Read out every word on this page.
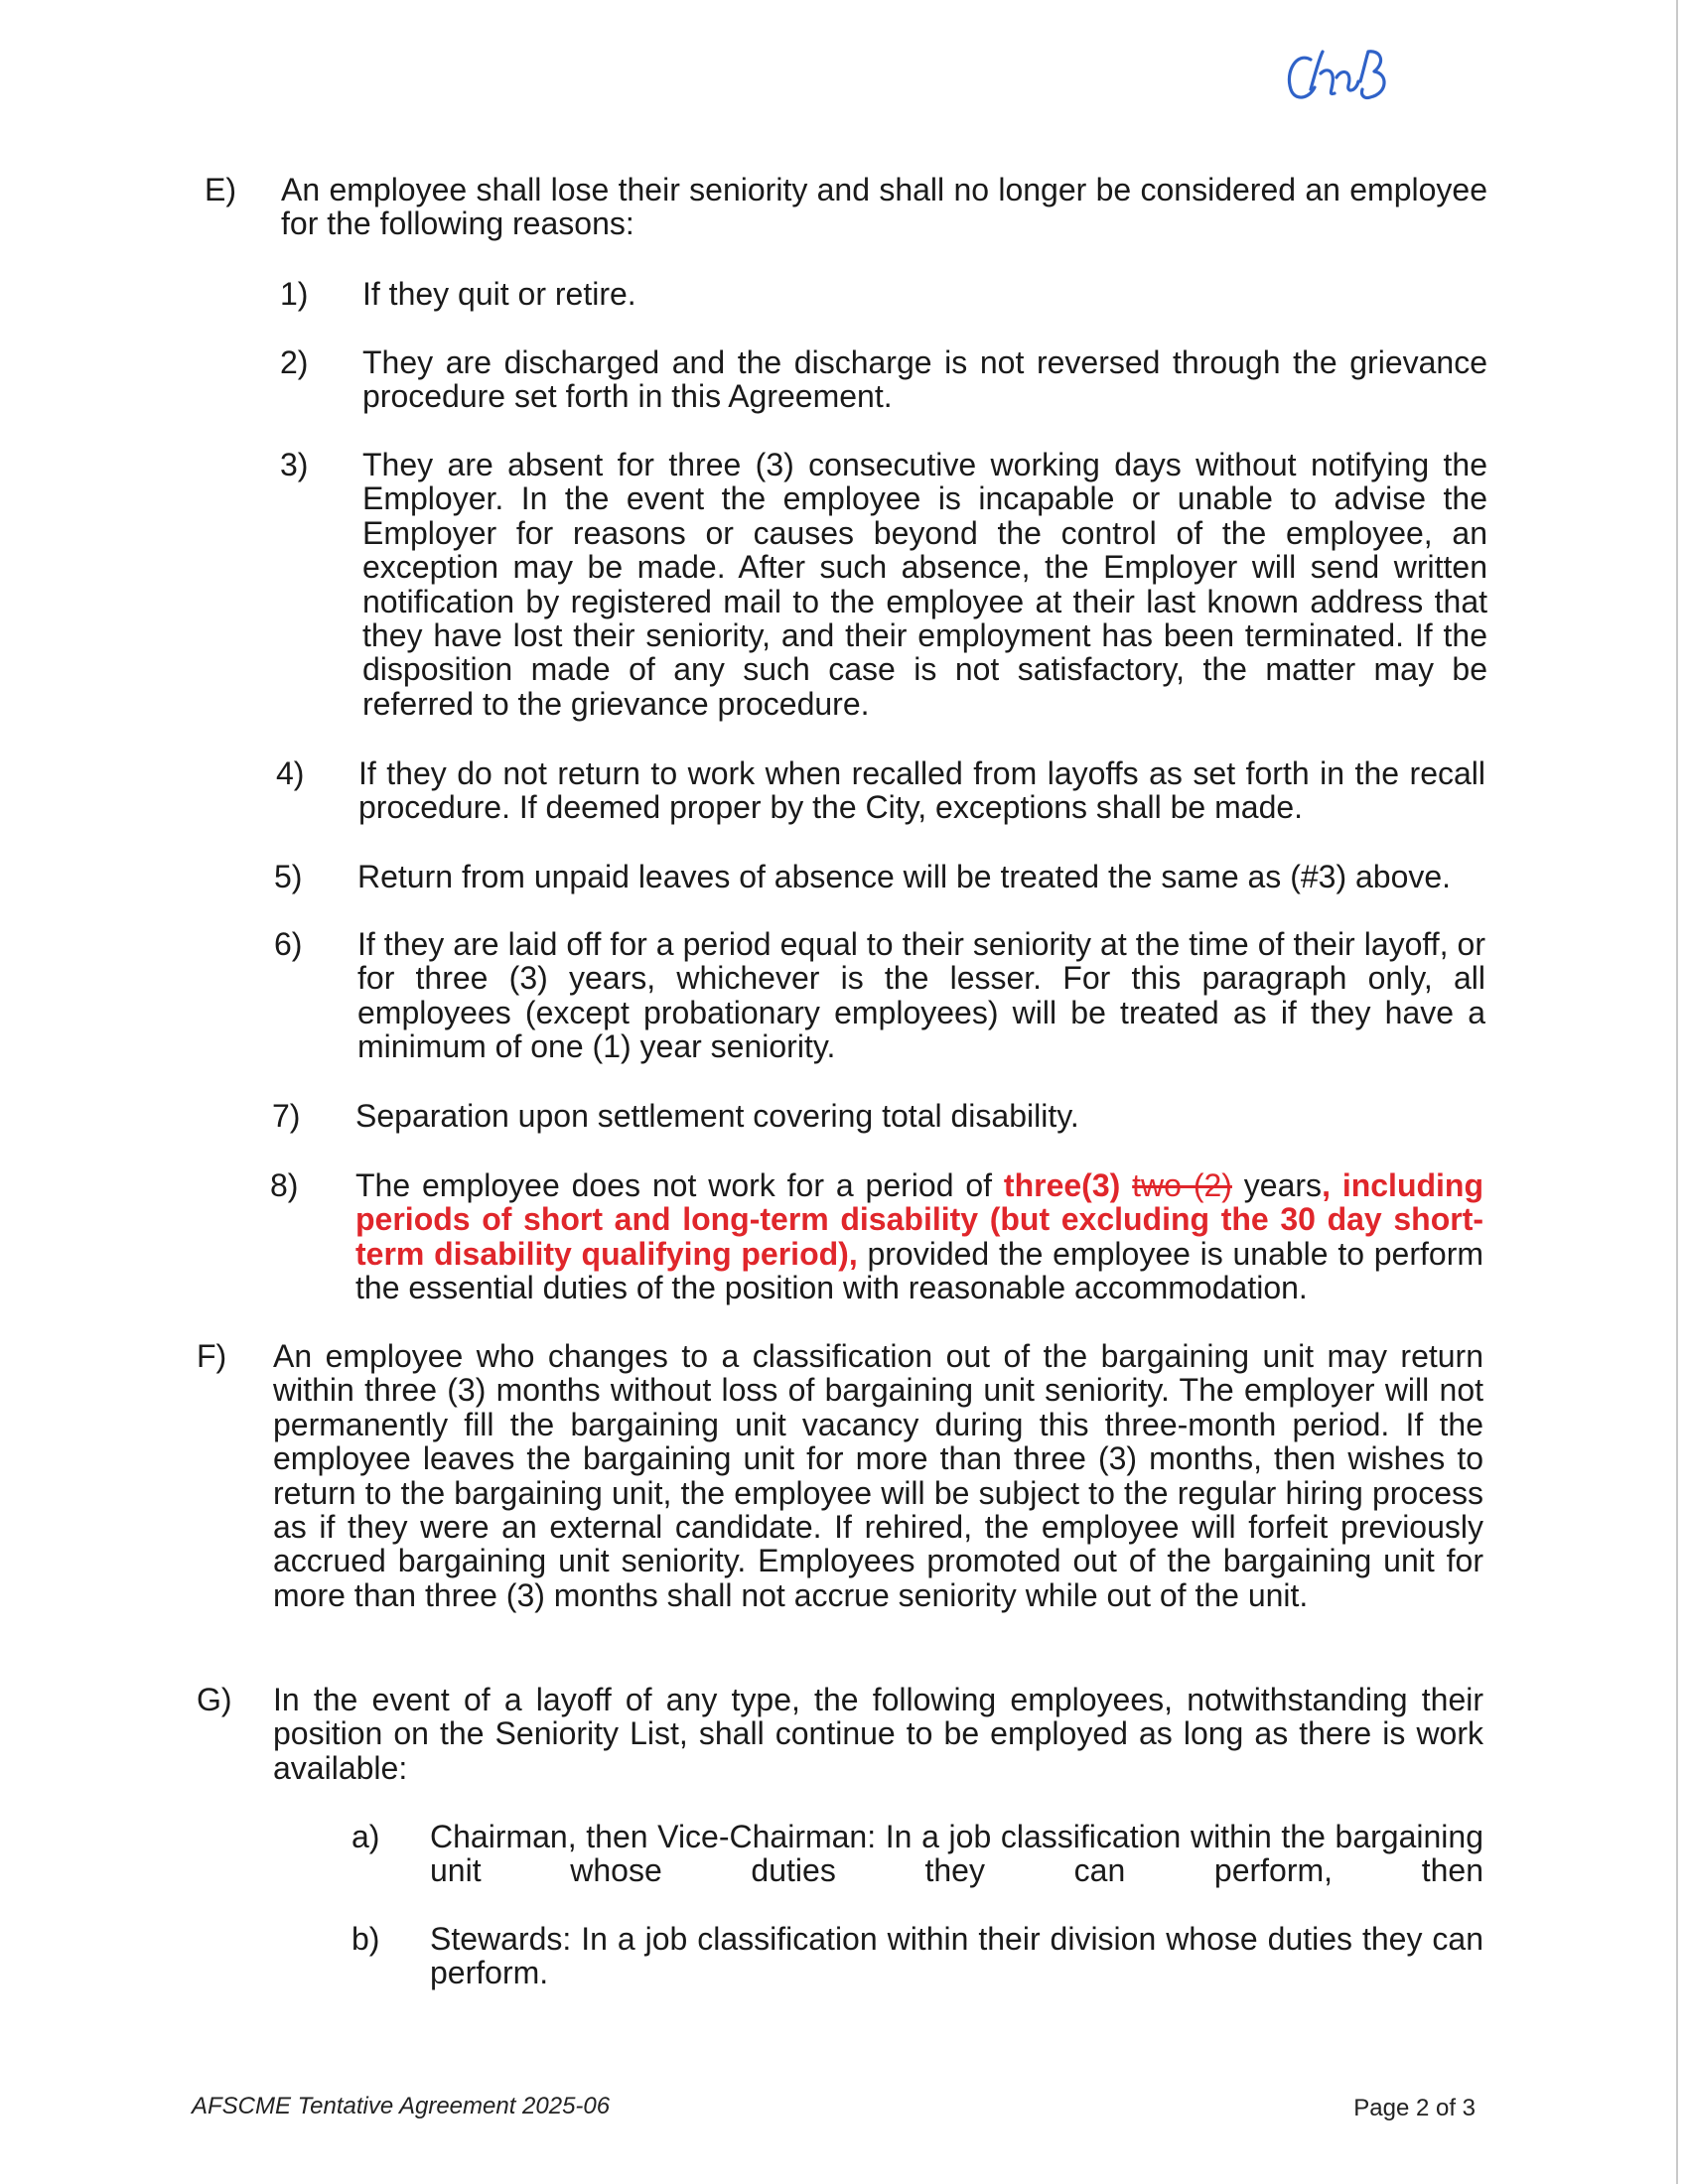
E)	An employee shall lose their seniority and shall no longer be considered an employee for the following reasons:

1)	If they quit or retire.

2)	They are discharged and the discharge is not reversed through the grievance procedure set forth in this Agreement.

3)	They are absent for three (3) consecutive working days without notifying the Employer. In the event the employee is incapable or unable to advise the Employer for reasons or causes beyond the control of the employee, an exception may be made. After such absence, the Employer will send written notification by registered mail to the employee at their last known address that they have lost their seniority, and their employment has been terminated. If the disposition made of any such case is not satisfactory, the matter may be referred to the grievance procedure.

4)	If they do not return to work when recalled from layoffs as set forth in the recall procedure. If deemed proper by the City, exceptions shall be made.

5)	Return from unpaid leaves of absence will be treated the same as (#3) above.

6)	If they are laid off for a period equal to their seniority at the time of their layoff, or for three (3) years, whichever is the lesser. For this paragraph only, all employees (except probationary employees) will be treated as if they have a minimum of one (1) year seniority.

7)	Separation upon settlement covering total disability.

8)	The employee does not work for a period of three(3) two (2) years, including periods of short and long-term disability (but excluding the 30 day short-term disability qualifying period), provided the employee is unable to perform the essential duties of the position with reasonable accommodation.

F)	An employee who changes to a classification out of the bargaining unit may return within three (3) months without loss of bargaining unit seniority. The employer will not permanently fill the bargaining unit vacancy during this three-month period. If the employee leaves the bargaining unit for more than three (3) months, then wishes to return to the bargaining unit, the employee will be subject to the regular hiring process as if they were an external candidate. If rehired, the employee will forfeit previously accrued bargaining unit seniority. Employees promoted out of the bargaining unit for more than three (3) months shall not accrue seniority while out of the unit.

G)	In the event of a layoff of any type, the following employees, notwithstanding their position on the Seniority List, shall continue to be employed as long as there is work available:

a)	Chairman, then Vice-Chairman: In a job classification within the bargaining unit whose duties they can perform, then

b)	Stewards: In a job classification within their division whose duties they can perform.

AFSCME Tentative Agreement 2025-06	Page 2 of 3
